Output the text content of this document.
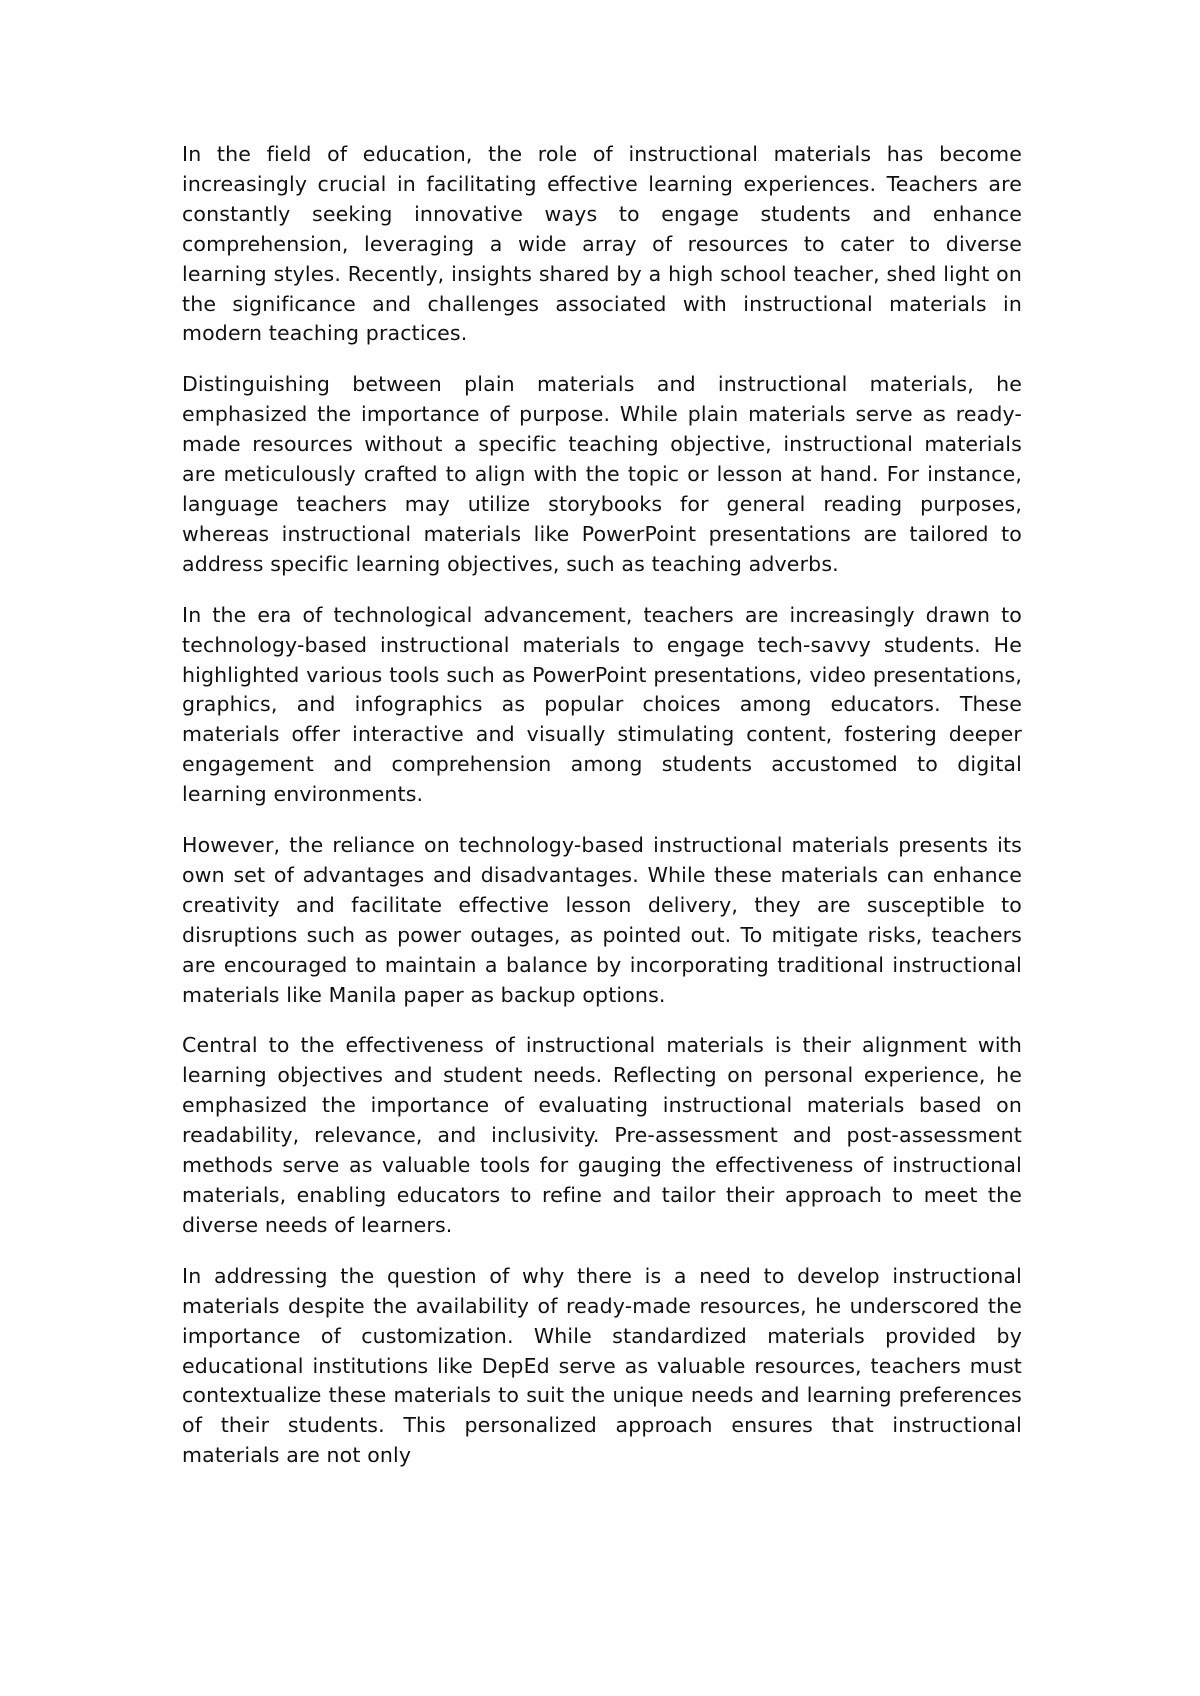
In the field of education, the role of instructional materials has become increasingly crucial in facilitating effective learning experiences. Teachers are constantly seeking innovative ways to engage students and enhance comprehension, leveraging a wide array of resources to cater to diverse learning styles. Recently, insights shared by a high school teacher, shed light on the significance and challenges associated with instructional materials in modern teaching practices.

Distinguishing between plain materials and instructional materials, he emphasized the importance of purpose. While plain materials serve as ready-made resources without a specific teaching objective, instructional materials are meticulously crafted to align with the topic or lesson at hand. For instance, language teachers may utilize storybooks for general reading purposes, whereas instructional materials like PowerPoint presentations are tailored to address specific learning objectives, such as teaching adverbs.

In the era of technological advancement, teachers are increasingly drawn to technology-based instructional materials to engage tech-savvy students. He highlighted various tools such as PowerPoint presentations, video presentations, graphics, and infographics as popular choices among educators. These materials offer interactive and visually stimulating content, fostering deeper engagement and comprehension among students accustomed to digital learning environments.

However, the reliance on technology-based instructional materials presents its own set of advantages and disadvantages. While these materials can enhance creativity and facilitate effective lesson delivery, they are susceptible to disruptions such as power outages, as pointed out. To mitigate risks, teachers are encouraged to maintain a balance by incorporating traditional instructional materials like Manila paper as backup options.

Central to the effectiveness of instructional materials is their alignment with learning objectives and student needs. Reflecting on personal experience, he emphasized the importance of evaluating instructional materials based on readability, relevance, and inclusivity. Pre-assessment and post-assessment methods serve as valuable tools for gauging the effectiveness of instructional materials, enabling educators to refine and tailor their approach to meet the diverse needs of learners.

In addressing the question of why there is a need to develop instructional materials despite the availability of ready-made resources, he underscored the importance of customization. While standardized materials provided by educational institutions like DepEd serve as valuable resources, teachers must contextualize these materials to suit the unique needs and learning preferences of their students. This personalized approach ensures that instructional materials are not only
